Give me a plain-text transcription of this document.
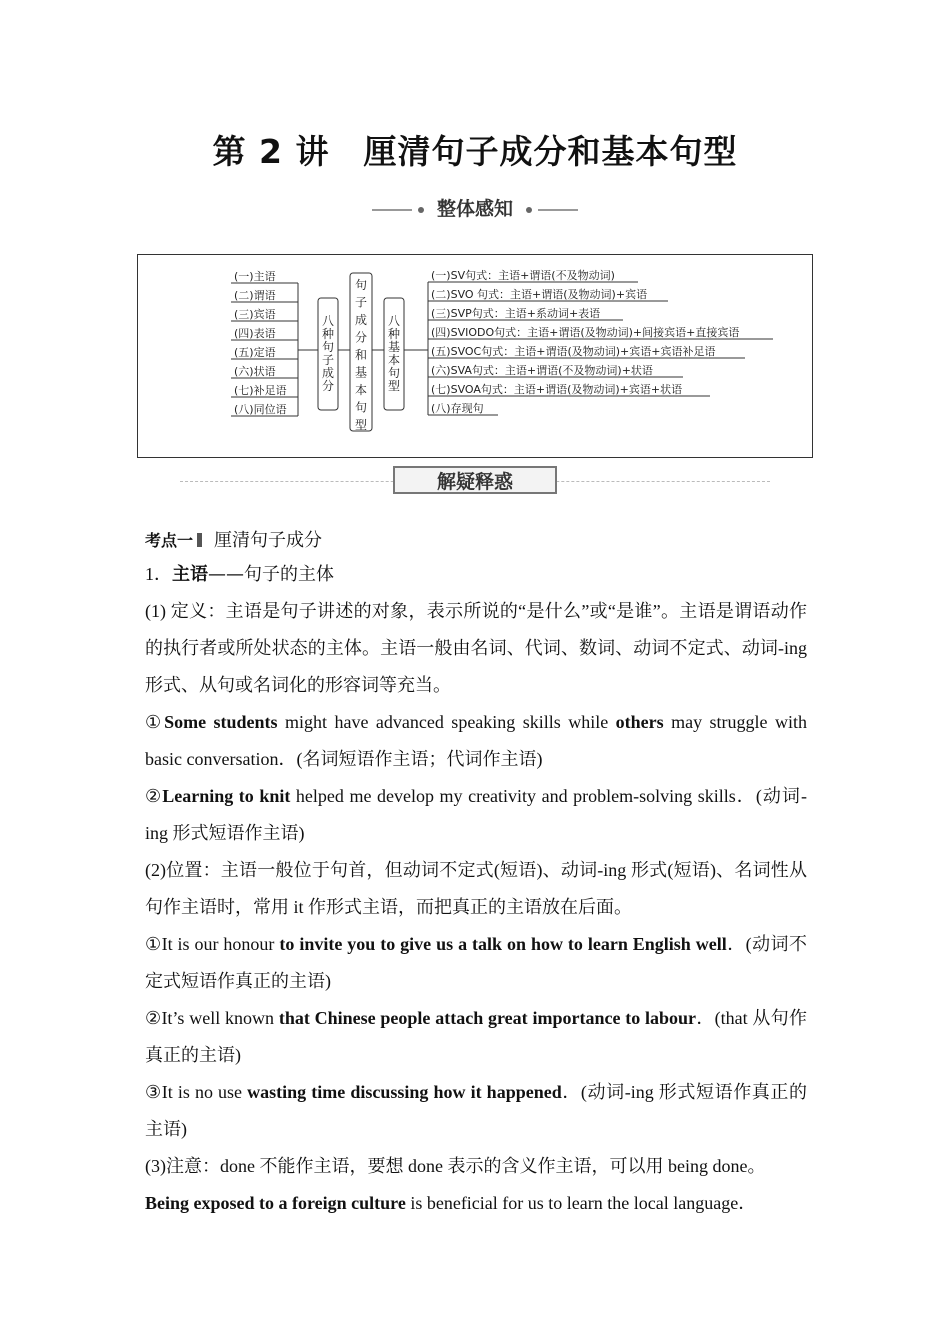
第 2 讲　厘清句子成分和基本句型
整体感知
(一)主语
(二)谓语
(三)宾语
(四)表语
(五)定语
(六)状语
(七)补足语
(八)同位语
(一)SV句式：主语+谓语(不及物动词)
(二)SVO 句式：主语+谓语(及物动词)+宾语
(三)SVP句式：主语+系动词+表语
(四)SVIODO句式：主语+谓语(及物动词)+间接宾语+直接宾语
(五)SVOC句式：主语+谓语(及物动词)+宾语+宾语补足语
(六)SVA句式：主语+谓语(不及物动词)+状语
(七)SVOA句式：主语+谓语(及物动词)+宾语+状语
(八)存现句
八
种
句
子
成
分
句
子
成
分
和
基
本
句
型
八
种
基
本
句
型
解疑释惑
考点一 厘清句子成分
1．主语——句子的主体
(1) 定义：主语是句子讲述的对象，表示所说的“是什么”或“是谁”。主语是谓语动作的执行者或所处状态的主体。主语一般由名词、代词、数词、动词不定式、动词-ing 形式、从句或名词化的形容词等充当。
①Some students might have advanced speaking skills while others may struggle with basic conversation．(名词短语作主语；代词作主语)
②Learning to knit helped me develop my creativity and problem-solving skills．(动词-ing 形式短语作主语)
(2)位置：主语一般位于句首，但动词不定式(短语)、动词-ing 形式(短语)、名词性从句作主语时，常用 it 作形式主语，而把真正的主语放在后面。
①It is our honour to invite you to give us a talk on how to learn English well．(动词不定式短语作真正的主语)
②It’s well known that Chinese people attach great importance to labour．(that 从句作真正的主语)
③It is no use wasting time discussing how it happened．(动词-ing 形式短语作真正的主语)
(3)注意：done 不能作主语，要想 done 表示的含义作主语，可以用 being done。
Being exposed to a foreign culture is beneficial for us to learn the local language．
